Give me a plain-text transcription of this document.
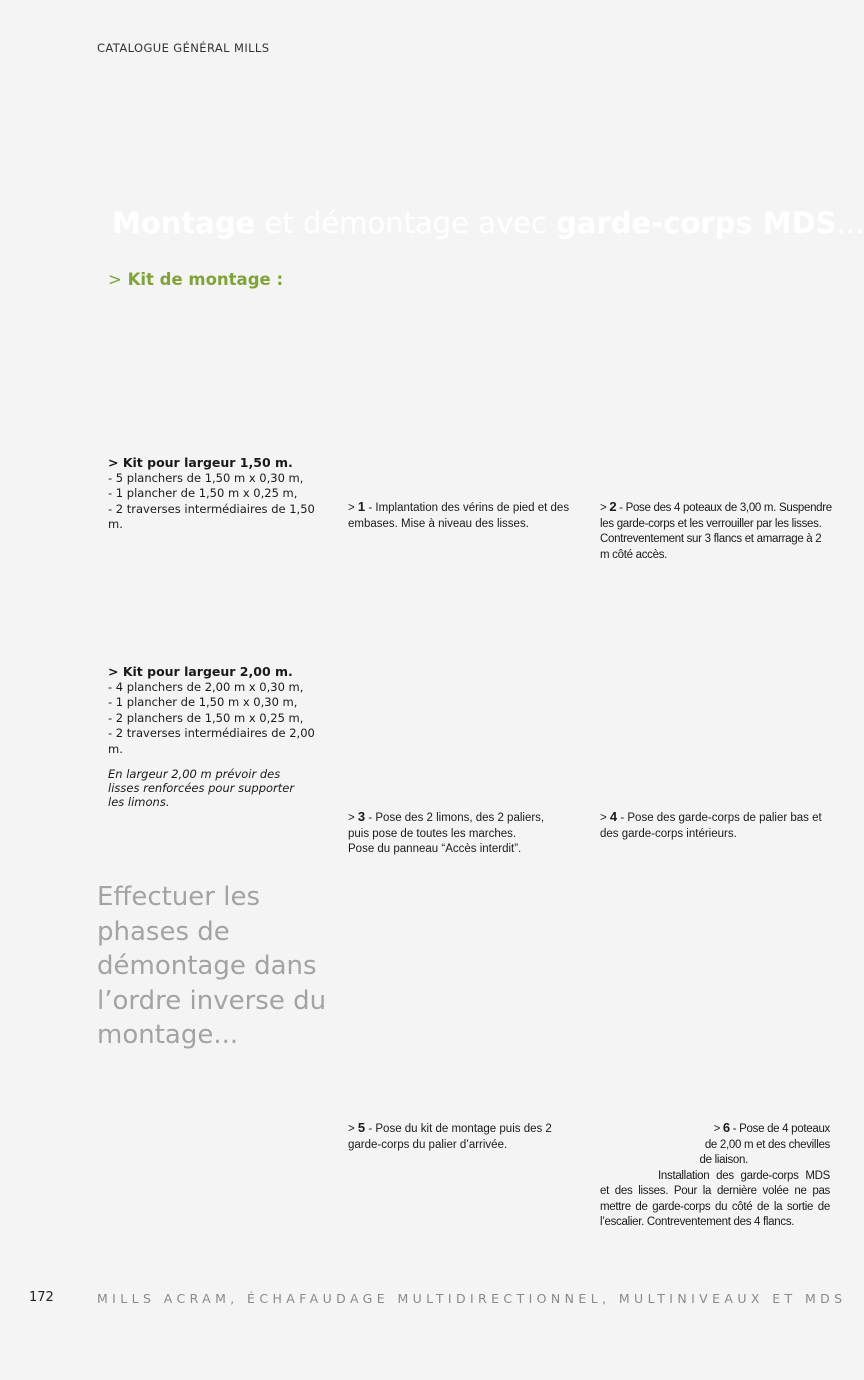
CATALOGUE GÉNÉRAL MILLS
Montage et démontage avec garde-corps MDS...
> Kit de montage :
> Kit pour largeur 1,50 m.
- 5 planchers de 1,50 m x 0,30 m,
- 1 plancher de 1,50 m x 0,25 m,
- 2 traverses intermédiaires de 1,50 m.
> Kit pour largeur 2,00 m.
- 4 planchers de 2,00 m x 0,30 m,
- 1 plancher de 1,50 m x 0,30 m,
- 2 planchers de 1,50 m x 0,25 m,
- 2 traverses intermédiaires de 2,00 m.
En largeur 2,00 m prévoir des lisses renforcées pour supporter les limons.
> 1 - Implantation des vérins de pied et des embases. Mise à niveau des lisses.
> 2 - Pose des 4 poteaux de 3,00 m. Suspendre les garde-corps et les verrouiller par les lisses. Contreventement sur 3 flancs et amarrage à 2 m côté accès.
> 3 - Pose des 2 limons, des 2 paliers, puis pose de toutes les marches.
Pose du panneau “Accès interdit”.
> 4 - Pose des garde-corps de palier bas et des garde-corps intérieurs.
> 5 - Pose du kit de montage puis des 2 garde-corps du palier d’arrivée.
> 6 - Pose de 4 poteaux
de 2,00 m et des chevilles
de liaison.
Installation des garde-corps MDS et des lisses. Pour la dernière volée ne pas mettre de garde-corps du côté de la sortie de l’escalier. Contreventement des 4 flancs.
Effectuer les phases de démontage dans l’ordre inverse du montage...
172	MILLS ACRAM, ÉCHAFAUDAGE MULTIDIRECTIONNEL, MULTINIVEAUX ET MDS
